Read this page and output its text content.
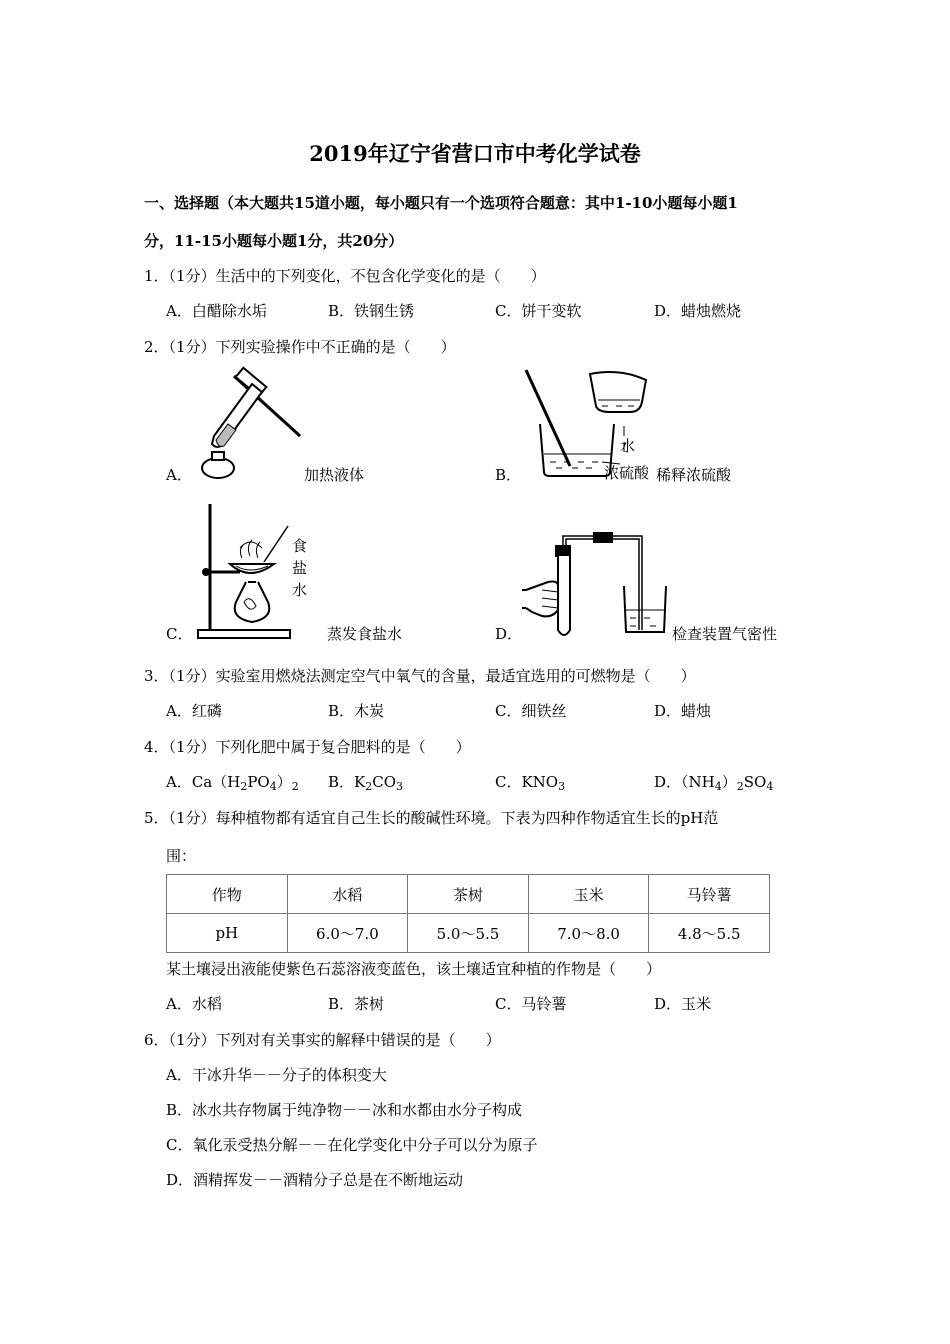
2019年辽宁省营口市中考化学试卷
一、选择题（本大题共15道小题，每小题只有一个选项符合题意：其中1-10小题每小题1
分，11-15小题每小题1分，共20分）
1．（1分）生活中的下列变化，不包含化学变化的是（　　）
A．白醋除水垢	B．铁钢生锈	C．饼干变软	D．蜡烛燃烧
2．（1分）下列实验操作中不正确的是（　　）
A．	加热液体
水
B．	浓硫酸 稀释浓硫酸
食盐水
C．	蒸发食盐水	D．	检查装置气密性
3．（1分）实验室用燃烧法测定空气中氧气的含量，最适宜选用的可燃物是（　　）
A．红磷	B．木炭	C．细铁丝	D．蜡烛
4．（1分）下列化肥中属于复合肥料的是（　　）
A．$Ca(H_2PO_4)_2$ B．$K_2CO_3$	C．$KNO_3$	D．$(NH_4)_2SO_4$
5．（1分）每种植物都有适宜自己生长的酸碱性环境。下表为四种作物适宜生长的pH范
围：
作物	水稻	茶树	玉米	马铃薯
pH	6.0～7.0	5.0～5.5	7.0～8.0	4.8～5.5
某土壤浸出液能使紫色石蕊溶液变蓝色，该土壤适宜种植的作物是（　　）
A．水稻	B．茶树	C．马铃薯	D．玉米
6．（1分）下列对有关事实的解释中错误的是（　　）
A．干冰升华－－分子的体积变大
B．冰水共存物属于纯净物－－冰和水都由水分子构成
C．氧化汞受热分解－－在化学变化中分子可以分为原子
D．酒精挥发－－酒精分子总是在不断地运动
